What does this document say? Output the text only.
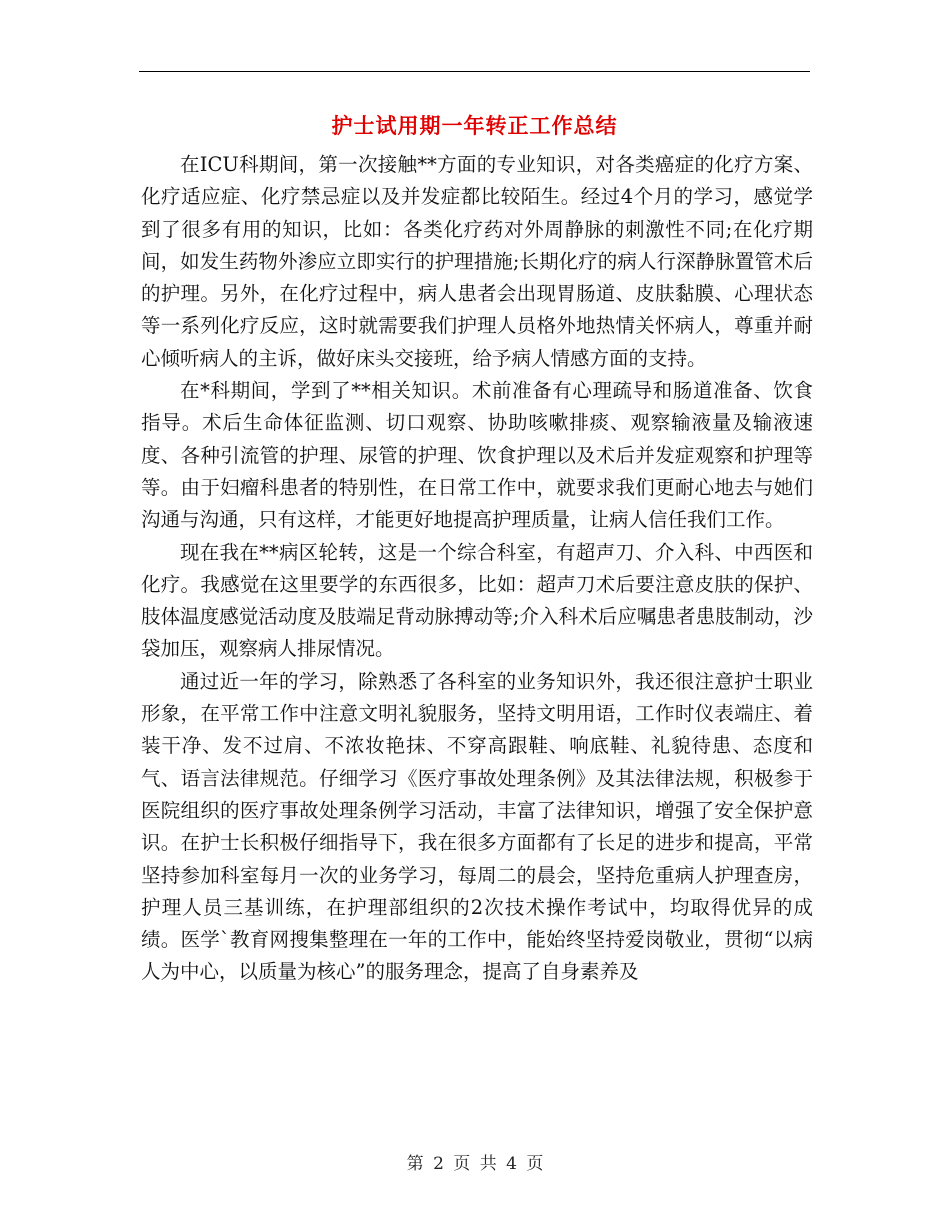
护士试用期一年转正工作总结

在ICU科期间，第一次接触**方面的专业知识，对各类癌症的化疗方案、化疗适应症、化疗禁忌症以及并发症都比较陌生。经过4个月的学习，感觉学到了很多有用的知识，比如：各类化疗药对外周静脉的刺激性不同;在化疗期间，如发生药物外渗应立即实行的护理措施;长期化疗的病人行深静脉置管术后的护理。另外，在化疗过程中，病人患者会出现胃肠道、皮肤黏膜、心理状态等一系列化疗反应，这时就需要我们护理人员格外地热情关怀病人，尊重并耐心倾听病人的主诉，做好床头交接班，给予病人情感方面的支持。

在*科期间，学到了**相关知识。术前准备有心理疏导和肠道准备、饮食指导。术后生命体征监测、切口观察、协助咳嗽排痰、观察输液量及输液速度、各种引流管的护理、尿管的护理、饮食护理以及术后并发症观察和护理等等。由于妇瘤科患者的特别性，在日常工作中，就要求我们更耐心地去与她们沟通与沟通，只有这样，才能更好地提高护理质量，让病人信任我们工作。

现在我在**病区轮转，这是一个综合科室，有超声刀、介入科、中西医和化疗。我感觉在这里要学的东西很多，比如：超声刀术后要注意皮肤的保护、肢体温度感觉活动度及肢端足背动脉搏动等;介入科术后应嘱患者患肢制动，沙袋加压，观察病人排尿情况。

通过近一年的学习，除熟悉了各科室的业务知识外，我还很注意护士职业形象，在平常工作中注意文明礼貌服务，坚持文明用语，工作时仪表端庄、着装干净、发不过肩、不浓妆艳抹、不穿高跟鞋、响底鞋、礼貌待患、态度和气、语言法律规范。仔细学习《医疗事故处理条例》及其法律法规，积极参于医院组织的医疗事故处理条例学习活动，丰富了法律知识，增强了安全保护意识。在护士长积极仔细指导下，我在很多方面都有了长足的进步和提高，平常坚持参加科室每月一次的业务学习，每周二的晨会，坚持危重病人护理查房，护理人员三基训练，在护理部组织的2次技术操作考试中，均取得优异的成绩。医学`教育网搜集整理在一年的工作中，能始终坚持爱岗敬业，贯彻“以病人为中心，以质量为核心”的服务理念，提高了自身素养及

第 2 页 共 4 页
